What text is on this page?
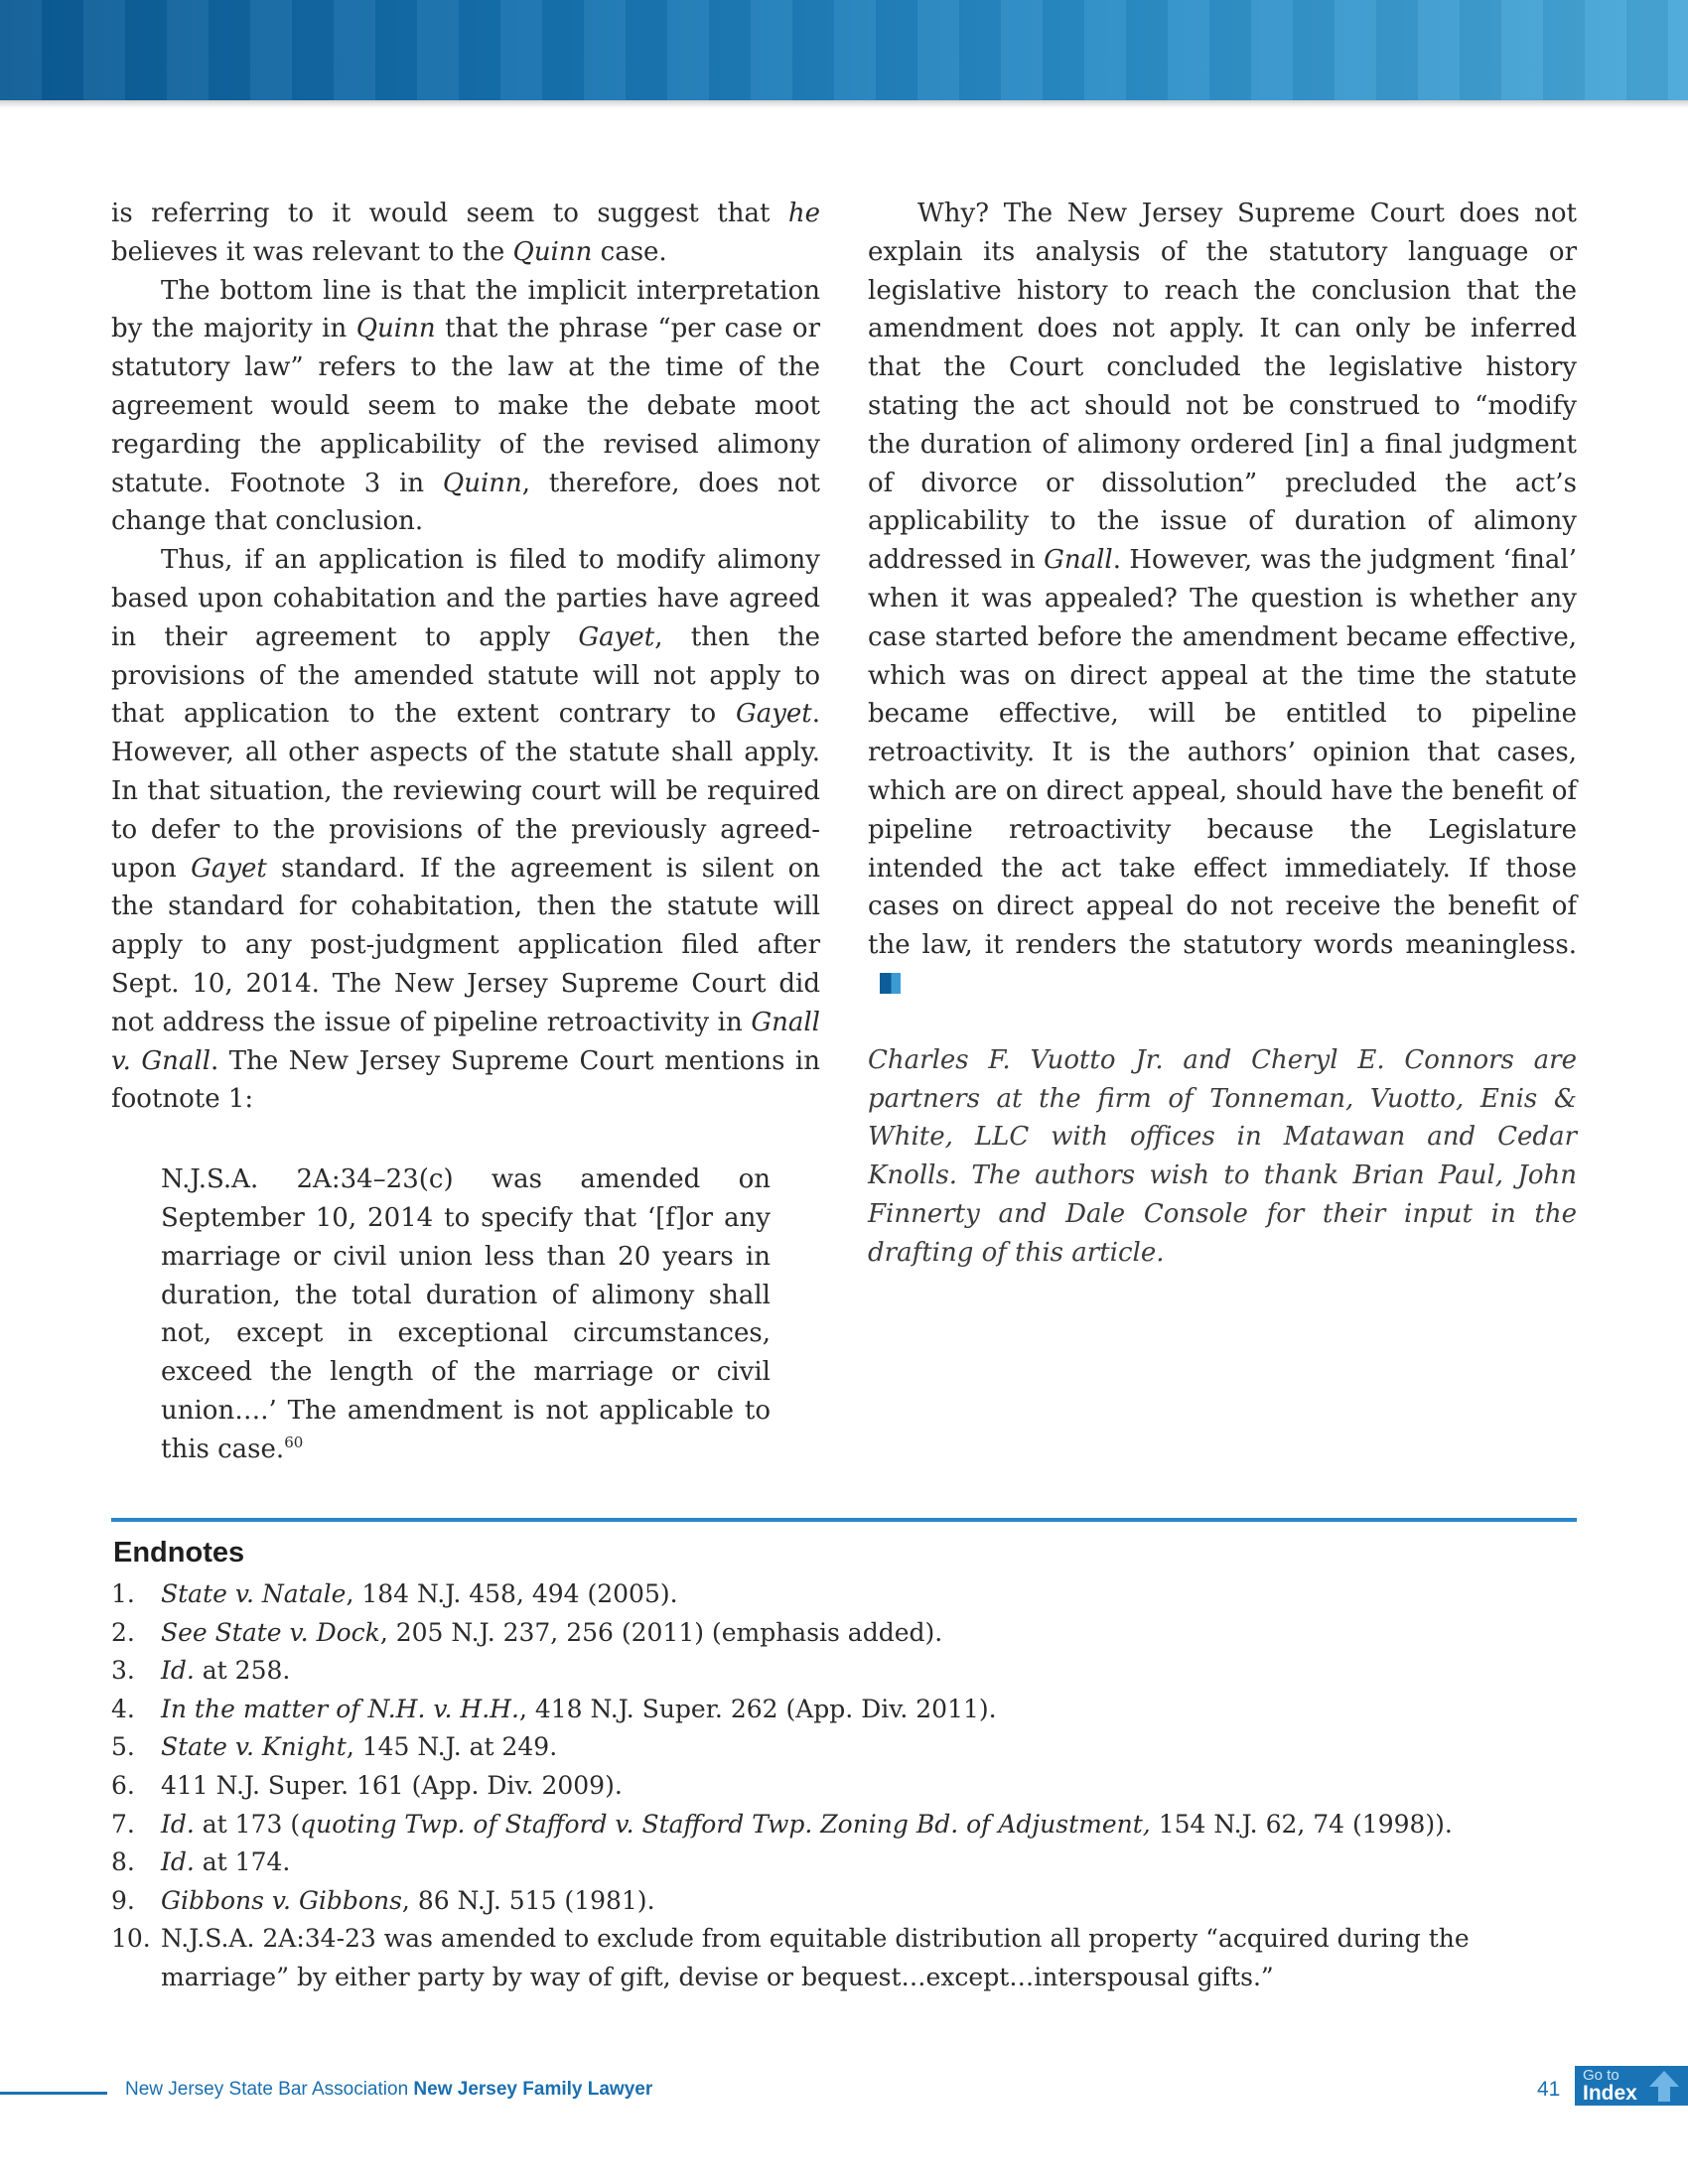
is referring to it would seem to suggest that he believes it was relevant to the Quinn case.

The bottom line is that the implicit interpretation by the majority in Quinn that the phrase “per case or statutory law” refers to the law at the time of the agreement would seem to make the debate moot regarding the applicability of the revised alimony statute. Footnote 3 in Quinn, therefore, does not change that conclusion.

Thus, if an application is filed to modify alimony based upon cohabitation and the parties have agreed in their agreement to apply Gayet, then the provisions of the amended statute will not apply to that application to the extent contrary to Gayet. However, all other aspects of the statute shall apply. In that situation, the reviewing court will be required to defer to the provisions of the previously agreed-upon Gayet standard. If the agreement is silent on the standard for cohabitation, then the statute will apply to any post-judgment application filed after Sept. 10, 2014. The New Jersey Supreme Court did not address the issue of pipeline retroactivity in Gnall v. Gnall. The New Jersey Supreme Court mentions in footnote 1:

N.J.S.A. 2A:34–23(c) was amended on September 10, 2014 to specify that ‘[f]or any marriage or civil union less than 20 years in duration, the total duration of alimony shall not, except in exceptional circumstances, exceed the length of the marriage or civil union….’ The amendment is not applicable to this case.$^{60}$

Why? The New Jersey Supreme Court does not explain its analysis of the statutory language or legislative history to reach the conclusion that the amendment does not apply. It can only be inferred that the Court concluded the legislative history stating the act should not be construed to “modify the duration of alimony ordered [in] a final judgment of divorce or dissolution” precluded the act’s applicability to the issue of duration of alimony addressed in Gnall. However, was the judgment ‘final’ when it was appealed? The question is whether any case started before the amendment became effective, which was on direct appeal at the time the statute became effective, will be entitled to pipeline retroactivity. It is the authors’ opinion that cases, which are on direct appeal, should have the benefit of pipeline retroactivity because the Legislature intended the act take effect immediately. If those cases on direct appeal do not receive the benefit of the law, it renders the statutory words meaningless.

Charles F. Vuotto Jr. and Cheryl E. Connors are partners at the firm of Tonneman, Vuotto, Enis & White, LLC with offices in Matawan and Cedar Knolls. The authors wish to thank Brian Paul, John Finnerty and Dale Console for their input in the drafting of this article.

Endnotes
1. State v. Natale, 184 N.J. 458, 494 (2005).
2. See State v. Dock, 205 N.J. 237, 256 (2011) (emphasis added).
3. Id. at 258.
4. In the matter of N.H. v. H.H., 418 N.J. Super. 262 (App. Div. 2011).
5. State v. Knight, 145 N.J. at 249.
6. 411 N.J. Super. 161 (App. Div. 2009).
7. Id. at 173 (quoting Twp. of Stafford v. Stafford Twp. Zoning Bd. of Adjustment, 154 N.J. 62, 74 (1998)).
8. Id. at 174.
9. Gibbons v. Gibbons, 86 N.J. 515 (1981).
10. N.J.S.A. 2A:34-23 was amended to exclude from equitable distribution all property “acquired during the marriage” by either party by way of gift, devise or bequest…except…interspousal gifts.”
New Jersey State Bar Association New Jersey Family Lawyer	41
Go to
Index
